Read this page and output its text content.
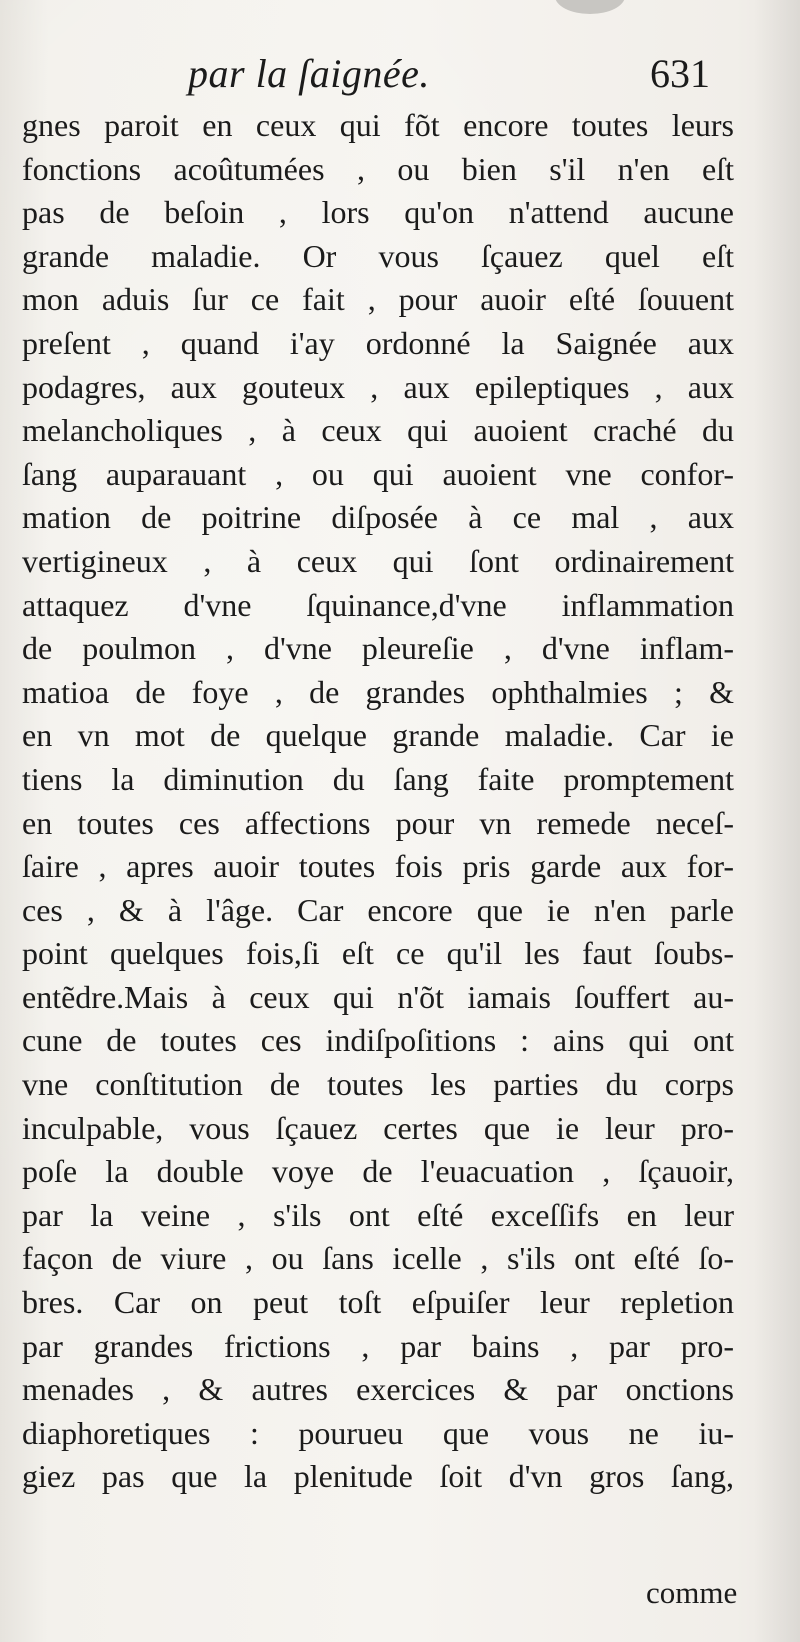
par la ſaignée.	631
gnes paroit en ceux qui fõt encore toutes leurs
fonctions acoûtumées , ou bien s'il n'en eſt
pas de beſoin , lors qu'on n'attend aucune
grande maladie. Or vous ſçauez quel eſt
mon aduis ſur ce fait , pour auoir eſté ſouuent
preſent , quand i'ay ordonné la Saignée aux
podagres, aux gouteux , aux epileptiques , aux
melancholiques , à ceux qui auoient craché du
ſang auparauant , ou qui auoient vne confor-
mation de poitrine diſposée à ce mal , aux
vertigineux , à ceux qui ſont ordinairement
attaquez d'vne ſquinance,d'vne inflammation
de poulmon , d'vne pleureſie , d'vne inflam-
matioa de foye , de grandes ophthalmies ; &
en vn mot de quelque grande maladie. Car ie
tiens la diminution du ſang faite promptement
en toutes ces affections pour vn remede neceſ-
ſaire , apres auoir toutes fois pris garde aux for-
ces , & à l'âge. Car encore que ie n'en parle
point quelques fois,ſi eſt ce qu'il les faut ſoubs-
entẽdre.Mais à ceux qui n'õt iamais ſouffert au-
cune de toutes ces indiſpoſitions : ains qui ont
vne conſtitution de toutes les parties du corps
inculpable, vous ſçauez certes que ie leur pro-
poſe la double voye de l'euacuation , ſçauoir,
par la veine , s'ils ont eſté exceſſifs en leur
façon de viure , ou ſans icelle , s'ils ont eſté ſo-
bres. Car on peut toſt eſpuiſer leur repletion
par grandes frictions , par bains , par pro-
menades , & autres exercices & par onctions
diaphoretiques : pourueu que vous ne iu-
giez pas que la plenitude ſoit d'vn gros ſang,
comme
